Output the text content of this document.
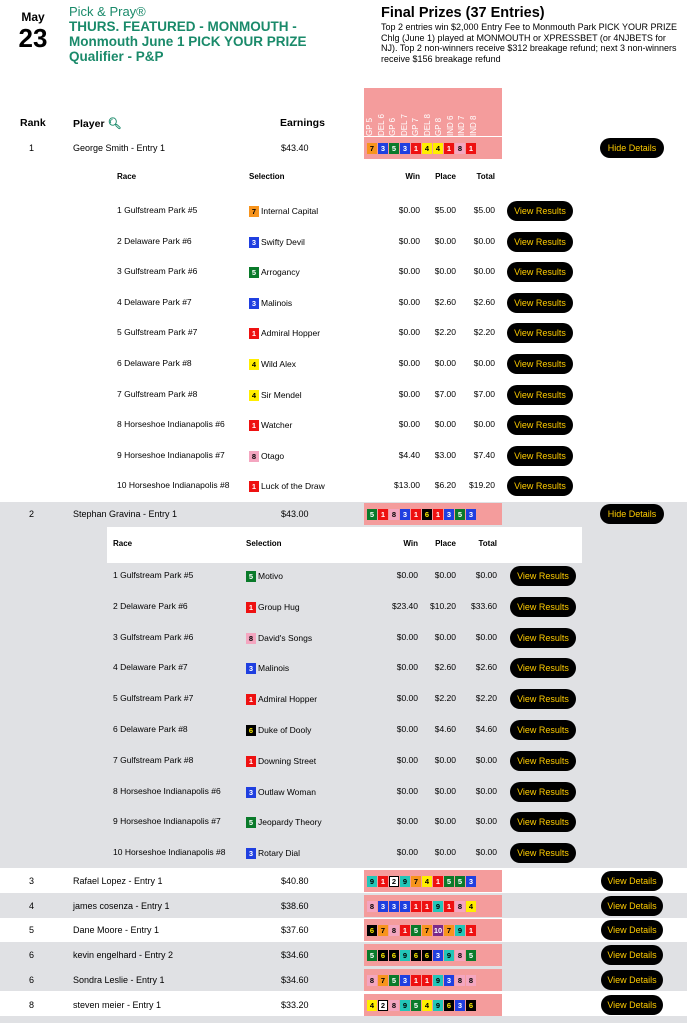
May
23
Pick & Pray®
THURS. FEATURED - MONMOUTH - Monmouth June 1 PICK YOUR PRIZE Qualifier - P&P
Final Prizes (37 Entries)
Top 2 entries win $2,000 Entry Fee to Monmouth Park PICK YOUR PRIZE Chlg (June 1) played at MONMOUTH or XPRESSBET (or 4NJBETS for NJ). Top 2 non-winners receive $312 breakage refund; next 3 non-winners receive $156 breakage refund
GP 5 DEL 6 GP 6 DEL 7 GP 7 DEL 8 GP 8 IND 6 IND 7 IND 8
Rank	Player 🔍︎	Earnings
1	George Smith - Entry 1	$43.40	7 3 5 3 1 4 4 1 8 1	Hide Details
2	Stephan Gravina - Entry 1	$43.00	5 1 8 3 1 6 1 3 5 3	Hide Details
3	Rafael Lopez - Entry 1	$40.80	9 1 2 9 7 4 1 5 5 3	View Details
4	james cosenza - Entry 1	$38.60	8 3 3 3 1 1 9 1 8 4	View Details
5	Dane Moore - Entry 1	$37.60	6 7 8 1 5 7 10 7 9 1	View Details
6	kevin engelhard - Entry 2	$34.60	5 6 6 9 6 6 3 9 8 5	View Details
6	Sondra Leslie - Entry 1	$34.60	8 7 5 3 1 1 9 3 8 8	View Details
8	steven meier - Entry 1	$33.20	4 2 8 9 5 4 9 6 3 6	View Details
Race	Selection	Win	Place	Total
1 Gulfstream Park #5	7 Internal Capital	$0.00	$5.00	$5.00	View Results
2 Delaware Park #6	3 Swifty Devil	$0.00	$0.00	$0.00	View Results
3 Gulfstream Park #6	5 Arrogancy	$0.00	$0.00	$0.00	View Results
4 Delaware Park #7	3 Malinois	$0.00	$2.60	$2.60	View Results
5 Gulfstream Park #7	1 Admiral Hopper	$0.00	$2.20	$2.20	View Results
6 Delaware Park #8	4 Wild Alex	$0.00	$0.00	$0.00	View Results
7 Gulfstream Park #8	4 Sir Mendel	$0.00	$7.00	$7.00	View Results
8 Horseshoe Indianapolis #6	1 Watcher	$0.00	$0.00	$0.00	View Results
9 Horseshoe Indianapolis #7	8 Otago	$4.40	$3.00	$7.40	View Results
10 Horseshoe Indianapolis #8	1 Luck of the Draw	$13.00	$6.20	$19.20	View Results
Race	Selection	Win	Place	Total
1 Gulfstream Park #5	5 Motivo	$0.00	$0.00	$0.00	View Results
2 Delaware Park #6	1 Group Hug	$23.40	$10.20	$33.60	View Results
3 Gulfstream Park #6	8 David's Songs	$0.00	$0.00	$0.00	View Results
4 Delaware Park #7	3 Malinois	$0.00	$2.60	$2.60	View Results
5 Gulfstream Park #7	1 Admiral Hopper	$0.00	$2.20	$2.20	View Results
6 Delaware Park #8	6 Duke of Dooly	$0.00	$4.60	$4.60	View Results
7 Gulfstream Park #8	1 Downing Street	$0.00	$0.00	$0.00	View Results
8 Horseshoe Indianapolis #6	3 Outlaw Woman	$0.00	$0.00	$0.00	View Results
9 Horseshoe Indianapolis #7	5 Jeopardy Theory	$0.00	$0.00	$0.00	View Results
10 Horseshoe Indianapolis #8	3 Rotary Dial	$0.00	$0.00	$0.00	View Results
